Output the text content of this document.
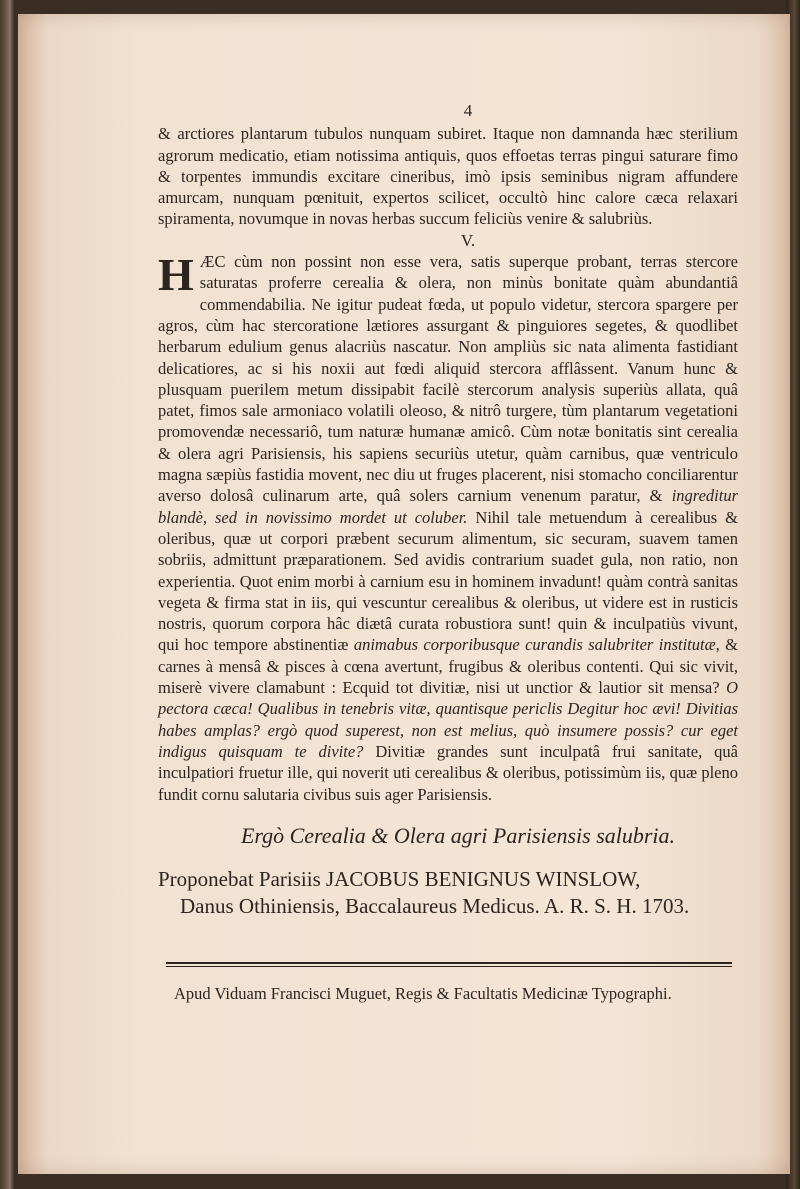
4

& arctiores plantarum tubulos nunquam subiret. Itaque non damnanda hæc sterilium agrorum medicatio, etiam notissima antiquis, quos effoetas terras pingui saturare fimo & torpentes immundis excitare cineribus, imò ipsis seminibus nigram affundere amurcam, nunquam pœnituit, expertos scilicet, occultò hinc calore cæca relaxari spiramenta, novumque in novas herbas succum feliciùs venire & salubriùs.

V.

HÆC cùm non possint non esse vera, satis superque probant, terras stercore saturatas proferre cerealia & olera, non minùs bonitate quàm abundantiâ commendabilia. Ne igitur pudeat fœda, ut populo videtur, stercora spargere per agros, cùm hac stercoratione lætiores assurgant & pinguiores segetes, & quodlibet herbarum edulium genus alacriùs nascatur. Non ampliùs sic nata alimenta fastidiant delicatiores, ac si his noxii aut fœdi aliquid stercora afflâssent. Vanum hunc & plusquam puerilem metum dissipabit facilè stercorum analysis superiùs allata, quâ patet, fimos sale armoniaco volatili oleoso, & nitrô turgere, tùm plantarum vegetationi promovendæ necessariô, tum naturæ humanæ amicô. Cùm notæ bonitatis sint cerealia & olera agri Parisiensis, his sapiens securiùs utetur, quàm carnibus, quæ ventriculo magna sæpiùs fastidia movent, nec diu ut fruges placerent, nisi stomacho conciliarentur averso dolosâ culinarum arte, quâ solers carnium venenum paratur, & ingreditur blandè, sed in novissimo mordet ut coluber. Nihil tale metuendum à cerealibus & oleribus, quæ ut corpori præbent securum alimentum, sic securam, suavem tamen sobriis, admittunt præparationem. Sed avidis contrarium suadet gula, non ratio, non experientia. Quot enim morbi à carnium esu in hominem invadunt! quàm contrà sanitas vegeta & firma stat in iis, qui vescuntur cerealibus & oleribus, ut videre est in rusticis nostris, quorum corpora hâc diætâ curata robustiora sunt! quin & inculpatiùs vivunt, qui hoc tempore abstinentiæ animabus corporibusque curandis salubriter institutæ, & carnes à mensâ & pisces à cœna avertunt, frugibus & oleribus contenti. Qui sic vivit, miserè vivere clamabunt : Ecquid tot divitiæ, nisi ut unctior & lautior sit mensa? O pectora cæca! Qualibus in tenebris vitæ, quantisque periclis Degitur hoc ævi! Divitias habes amplas? ergò quod superest, non est melius, quò insumere possis? cur eget indigus quisquam te divite? Divitiæ grandes sunt inculpatâ frui sanitate, quâ inculpatiori fruetur ille, qui noverit uti cerealibus & oleribus, potissimùm iis, quæ pleno fundit cornu salutaria civibus suis ager Parisiensis.

Ergò Cerealia & Olera agri Parisiensis salubria.
Proponebat Parisiis JACOBUS BENIGNUS WINSLOW,
Danus Othiniensis, Baccalaureus Medicus. A. R. S. H. 1703.
Apud Viduam Francisci Muguet, Regis & Facultatis Medicinæ Typographi.
